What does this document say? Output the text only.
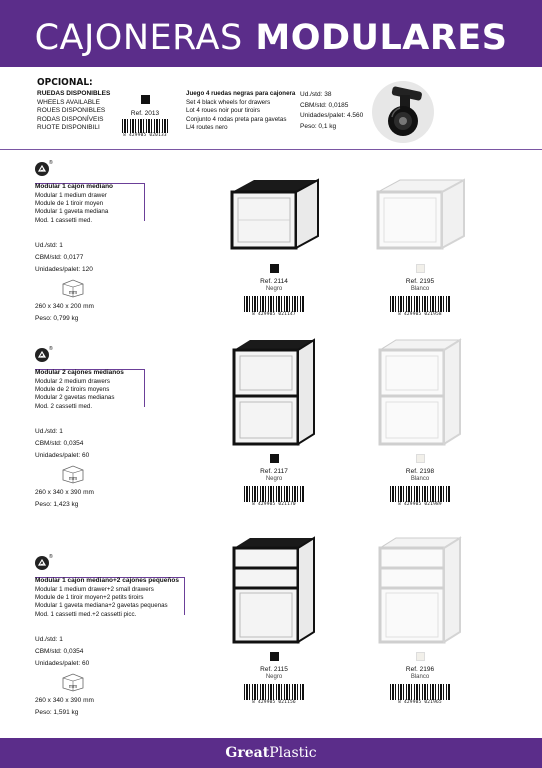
CAJONERAS MODULARES
OPCIONAL:
RUEDAS DISPONIBLES
WHEELS AVAILABLE
ROUES DISPONIBLES
RODAS DISPONÍVEIS
RUOTE DISPONIBILI
Ref. 2013
8 429905 020133
Juego 4 ruedas negras para cajonera
Set 4 black wheels for drawers
Lot 4 roues noir pour tiroirs
Conjunto 4 rodas preta para gavetas
L/4 routes nero
Ud./std: 38
CBM/std: 0,0185
Unidades/palet: 4.560
Peso: 0,1 kg
®
Modular 1 cajon mediano
Modular 1 medium drawer
Module de 1 tiroir moyen
Modular 1 gaveta mediana
Mod. 1 cassetti med.
Ud./std: 1
CBM/std: 0,0177
Unidades/palet: 120
mm
260 x 340 x 200 mm
Peso: 0,799 kg
Ref. 2114
Negro
8 429905 021147
Ref. 2195
Blanco
8 429905 021958
®
Modular 2 cajones medianos
Modular 2 medium drawers
Module de 2 tiroirs moyens
Modular 2 gavetas medianas
Mod. 2 cassetti med.
Ud./std: 1
CBM/std: 0,0354
Unidades/palet: 60
mm
260 x 340 x 390 mm
Peso: 1,423 kg
Ref. 2117
Negro
8 429905 021170
Ref. 2198
Blanco
8 429905 021989
®
Modular 1 cajon mediano+2 cajones pequeños
Modular 1 medium drawer+2 small drawers
Module de 1 tiroir moyen+2 petits tiroirs
Modular 1 gaveta mediana+2 gavetas pequenas
Mod. 1 cassetti med.+2 cassetti picc.
Ud./std: 1
CBM/std: 0,0354
Unidades/palet: 60
mm
260 x 340 x 390 mm
Peso: 1,591 kg
Ref. 2115
Negro
8 429905 021156
Ref. 2196
Blanco
8 429905 021965
GreatPlastic
